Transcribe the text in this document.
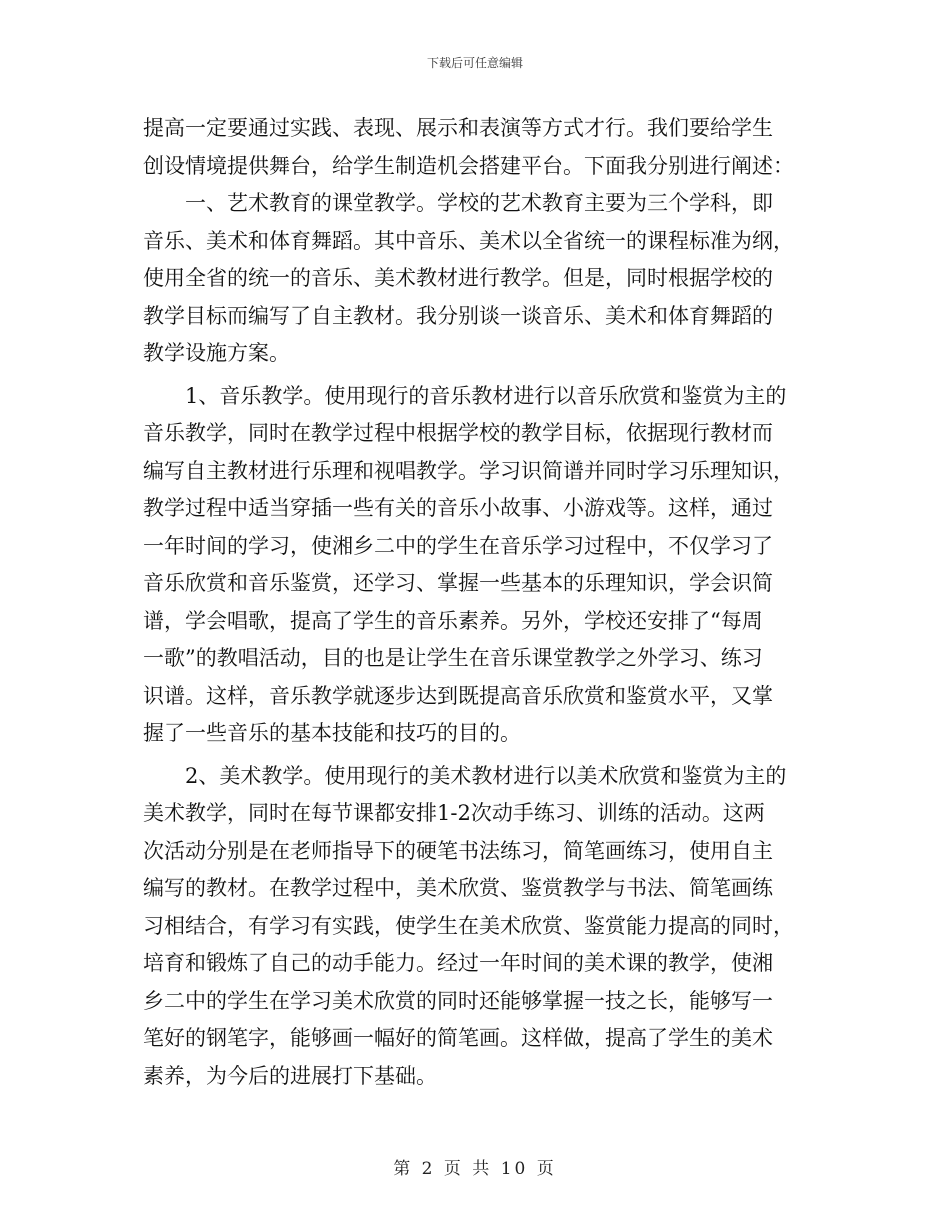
下载后可任意编辑
提高一定要通过实践、表现、展示和表演等方式才行。我们要给学生
创设情境提供舞台，给学生制造机会搭建平台。下面我分别进行阐述：
　　一、艺术教育的课堂教学。学校的艺术教育主要为三个学科，即
音乐、美术和体育舞蹈。其中音乐、美术以全省统一的课程标准为纲，
使用全省的统一的音乐、美术教材进行教学。但是，同时根据学校的
教学目标而编写了自主教材。我分别谈一谈音乐、美术和体育舞蹈的
教学设施方案。
　　1、音乐教学。使用现行的音乐教材进行以音乐欣赏和鉴赏为主的
音乐教学，同时在教学过程中根据学校的教学目标，依据现行教材而
编写自主教材进行乐理和视唱教学。学习识简谱并同时学习乐理知识，
教学过程中适当穿插一些有关的音乐小故事、小游戏等。这样，通过
一年时间的学习，使湘乡二中的学生在音乐学习过程中，不仅学习了
音乐欣赏和音乐鉴赏，还学习、掌握一些基本的乐理知识，学会识简
谱，学会唱歌，提高了学生的音乐素养。另外，学校还安排了“每周
一歌”的教唱活动，目的也是让学生在音乐课堂教学之外学习、练习
识谱。这样，音乐教学就逐步达到既提高音乐欣赏和鉴赏水平，又掌
握了一些音乐的基本技能和技巧的目的。
　　2、美术教学。使用现行的美术教材进行以美术欣赏和鉴赏为主的
美术教学，同时在每节课都安排1-2次动手练习、训练的活动。这两
次活动分别是在老师指导下的硬笔书法练习，简笔画练习，使用自主
编写的教材。在教学过程中，美术欣赏、鉴赏教学与书法、简笔画练
习相结合，有学习有实践，使学生在美术欣赏、鉴赏能力提高的同时，
培育和锻炼了自己的动手能力。经过一年时间的美术课的教学，使湘
乡二中的学生在学习美术欣赏的同时还能够掌握一技之长，能够写一
笔好的钢笔字，能够画一幅好的简笔画。这样做，提高了学生的美术
素养，为今后的进展打下基础。
第 2 页 共 10 页
